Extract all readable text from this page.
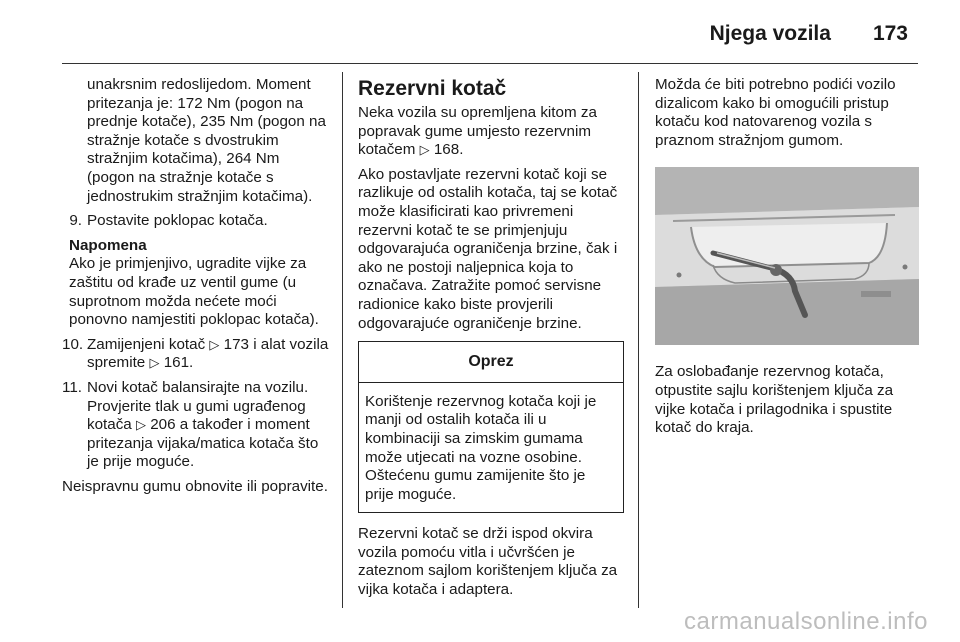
Njega vozila 173

unakrsnim redoslijedom. Moment pritezanja je: 172 Nm (pogon na prednje kotače), 235 Nm (pogon na stražnje kotače s dvostrukim stražnjim kotačima), 264 Nm (pogon na stražnje kotače s jednostrukim stražnjim kotačima).

9. Postavite poklopac kotača.
Napomena
Ako je primjenjivo, ugradite vijke za zaštitu od krađe uz ventil gume (u suprotnom možda nećete moći ponovno namjestiti poklopac kotača).
10. Zamijenjeni kotač ▷ 173 i alat vozila spremite ▷ 161.
11. Novi kotač balansirajte na vozilu. Provjerite tlak u gumi ugrađenog kotača ▷ 206 a također i moment pritezanja vijaka/matica kotača što je prije moguće.

Neispravnu gumu obnovite ili popravite.

Rezervni kotač

Neka vozila su opremljena kitom za popravak gume umjesto rezervnim kotačem ▷ 168.

Ako postavljate rezervni kotač koji se razlikuje od ostalih kotača, taj se kotač može klasificirati kao privremeni rezervni kotač te se primjenjuju odgovarajuća ograničenja brzine, čak i ako ne postoji naljepnica koja to označava. Zatražite pomoć servisne radionice kako biste provjerili odgovarajuće ograničenje brzine.

Oprez
Korištenje rezervnog kotača koji je manji od ostalih kotača ili u kombinaciji sa zimskim gumama može utjecati na vozne osobine. Oštećenu gumu zamijenite što je prije moguće.

Rezervni kotač se drži ispod okvira vozila pomoću vitla i učvršćen je zateznom sajlom korištenjem ključa za vijka kotača i adaptera.

Možda će biti potrebno podići vozilo dizalicom kako bi omogućili pristup kotaču kod natovarenog vozila s praznom stražnjom gumom.

Za oslobađanje rezervnog kotača, otpustite sajlu korištenjem ključa za vijke kotača i prilagodnika i spustite kotač do kraja.

carmanualsonline.info
